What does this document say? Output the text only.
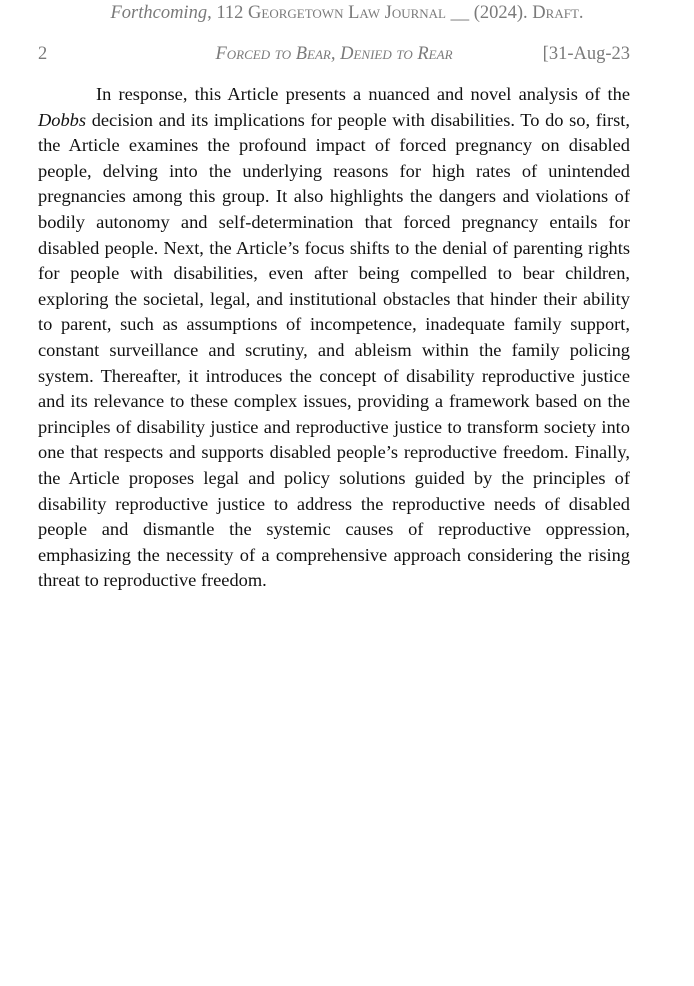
Forthcoming, 112 Georgetown Law Journal __ (2024). Draft.
2	Forced to Bear, Denied to Rear	[31-Aug-23

In response, this Article presents a nuanced and novel analysis of the Dobbs decision and its implications for people with disabilities. To do so, first, the Article examines the profound impact of forced pregnancy on disabled people, delving into the underlying reasons for high rates of unintended pregnancies among this group. It also highlights the dangers and violations of bodily autonomy and self-determination that forced pregnancy entails for disabled people. Next, the Article’s focus shifts to the denial of parenting rights for people with disabilities, even after being compelled to bear children, exploring the societal, legal, and institutional obstacles that hinder their ability to parent, such as assumptions of incompetence, inadequate family support, constant surveillance and scrutiny, and ableism within the family policing system. Thereafter, it introduces the concept of disability reproductive justice and its relevance to these complex issues, providing a framework based on the principles of disability justice and reproductive justice to transform society into one that respects and supports disabled people’s reproductive freedom. Finally, the Article proposes legal and policy solutions guided by the principles of disability reproductive justice to address the reproductive needs of disabled people and dismantle the systemic causes of reproductive oppression, emphasizing the necessity of a comprehensive approach considering the rising threat to reproductive freedom.
